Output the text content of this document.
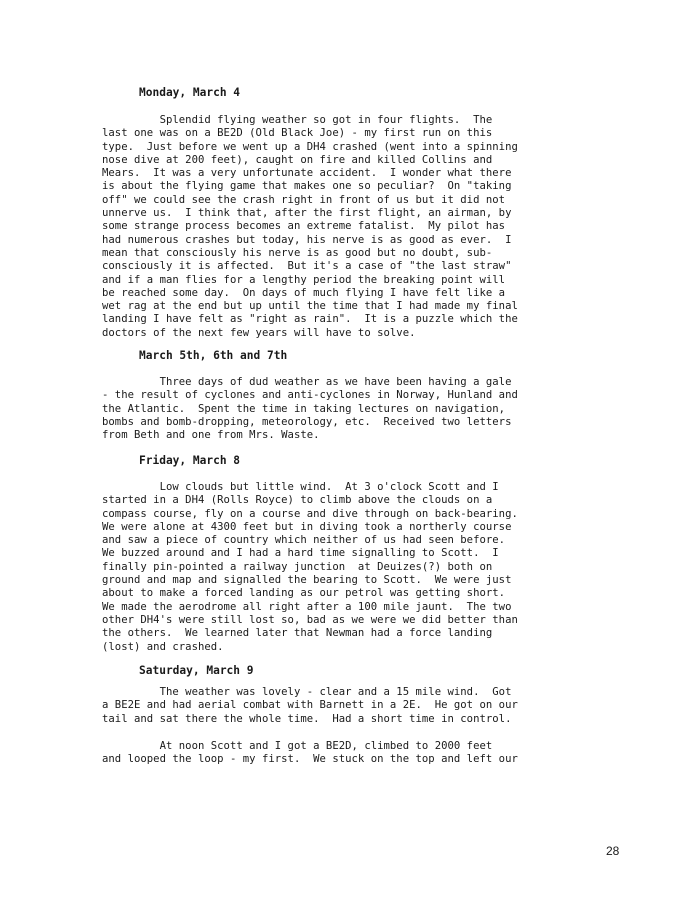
Monday, March 4
Splendid flying weather so got in four flights.  The
last one was on a BE2D (Old Black Joe) - my first run on this
type.  Just before we went up a DH4 crashed (went into a spinning
nose dive at 200 feet), caught on fire and killed Collins and
Mears.  It was a very unfortunate accident.  I wonder what there
is about the flying game that makes one so peculiar?  On "taking
off" we could see the crash right in front of us but it did not
unnerve us.  I think that, after the first flight, an airman, by
some strange process becomes an extreme fatalist.  My pilot has
had numerous crashes but today, his nerve is as good as ever.  I
mean that consciously his nerve is as good but no doubt, sub-
consciously it is affected.  But it's a case of "the last straw"
and if a man flies for a lengthy period the breaking point will
be reached some day.  On days of much flying I have felt like a
wet rag at the end but up until the time that I had made my final
landing I have felt as "right as rain".  It is a puzzle which the
doctors of the next few years will have to solve.
March 5th, 6th and 7th
Three days of dud weather as we have been having a gale
- the result of cyclones and anti-cyclones in Norway, Hunland and
the Atlantic.  Spent the time in taking lectures on navigation,
bombs and bomb-dropping, meteorology, etc.  Received two letters
from Beth and one from Mrs. Waste.
Friday, March 8
Low clouds but little wind.  At 3 o'clock Scott and I
started in a DH4 (Rolls Royce) to climb above the clouds on a
compass course, fly on a course and dive through on back-bearing.
We were alone at 4300 feet but in diving took a northerly course
and saw a piece of country which neither of us had seen before.
We buzzed around and I had a hard time signalling to Scott.  I
finally pin-pointed a railway junction  at Deuizes(?) both on
ground and map and signalled the bearing to Scott.  We were just
about to make a forced landing as our petrol was getting short.
We made the aerodrome all right after a 100 mile jaunt.  The two
other DH4's were still lost so, bad as we were we did better than
the others.  We learned later that Newman had a force landing
(lost) and crashed.
Saturday, March 9
The weather was lovely - clear and a 15 mile wind.  Got
a BE2E and had aerial combat with Barnett in a 2E.  He got on our
tail and sat there the whole time.  Had a short time in control.
At noon Scott and I got a BE2D, climbed to 2000 feet
and looped the loop - my first.  We stuck on the top and left our
28
